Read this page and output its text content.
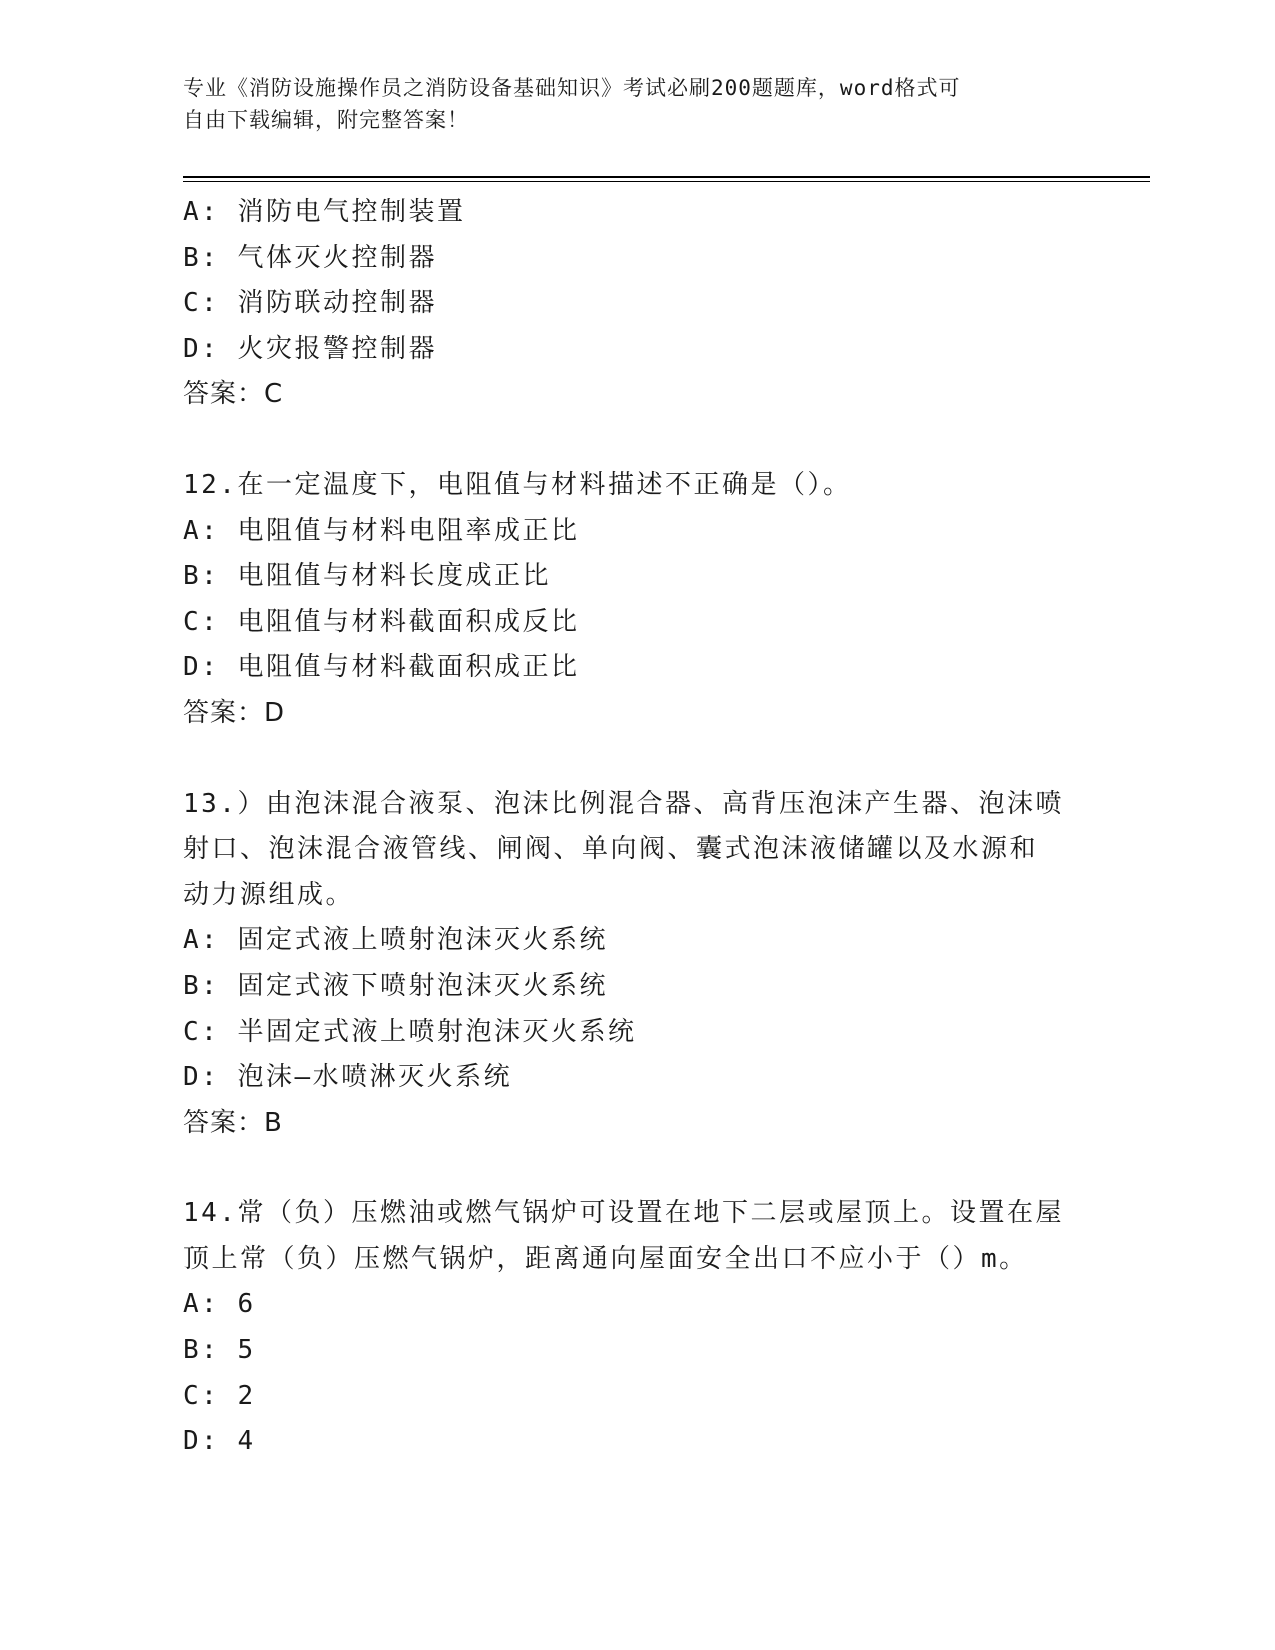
专业《消防设施操作员之消防设备基础知识》考试必刷200题题库，word格式可
自由下载编辑，附完整答案！

A: 消防电气控制装置

B: 气体灭火控制器

C: 消防联动控制器

D: 火灾报警控制器

答案：C

12.在一定温度下，电阻值与材料描述不正确是（）。

A: 电阻值与材料电阻率成正比

B: 电阻值与材料长度成正比

C: 电阻值与材料截面积成反比

D: 电阻值与材料截面积成正比

答案：D

13.）由泡沫混合液泵、泡沫比例混合器、高背压泡沫产生器、泡沫喷

射口、泡沫混合液管线、闸阀、单向阀、囊式泡沫液储罐以及水源和

动力源组成。

A: 固定式液上喷射泡沫灭火系统

B: 固定式液下喷射泡沫灭火系统

C: 半固定式液上喷射泡沫灭火系统

D: 泡沫—水喷淋灭火系统

答案：B

14.常（负）压燃油或燃气锅炉可设置在地下二层或屋顶上。设置在屋

顶上常（负）压燃气锅炉，距离通向屋面安全出口不应小于（）m。

A: 6

B: 5

C: 2

D: 4
